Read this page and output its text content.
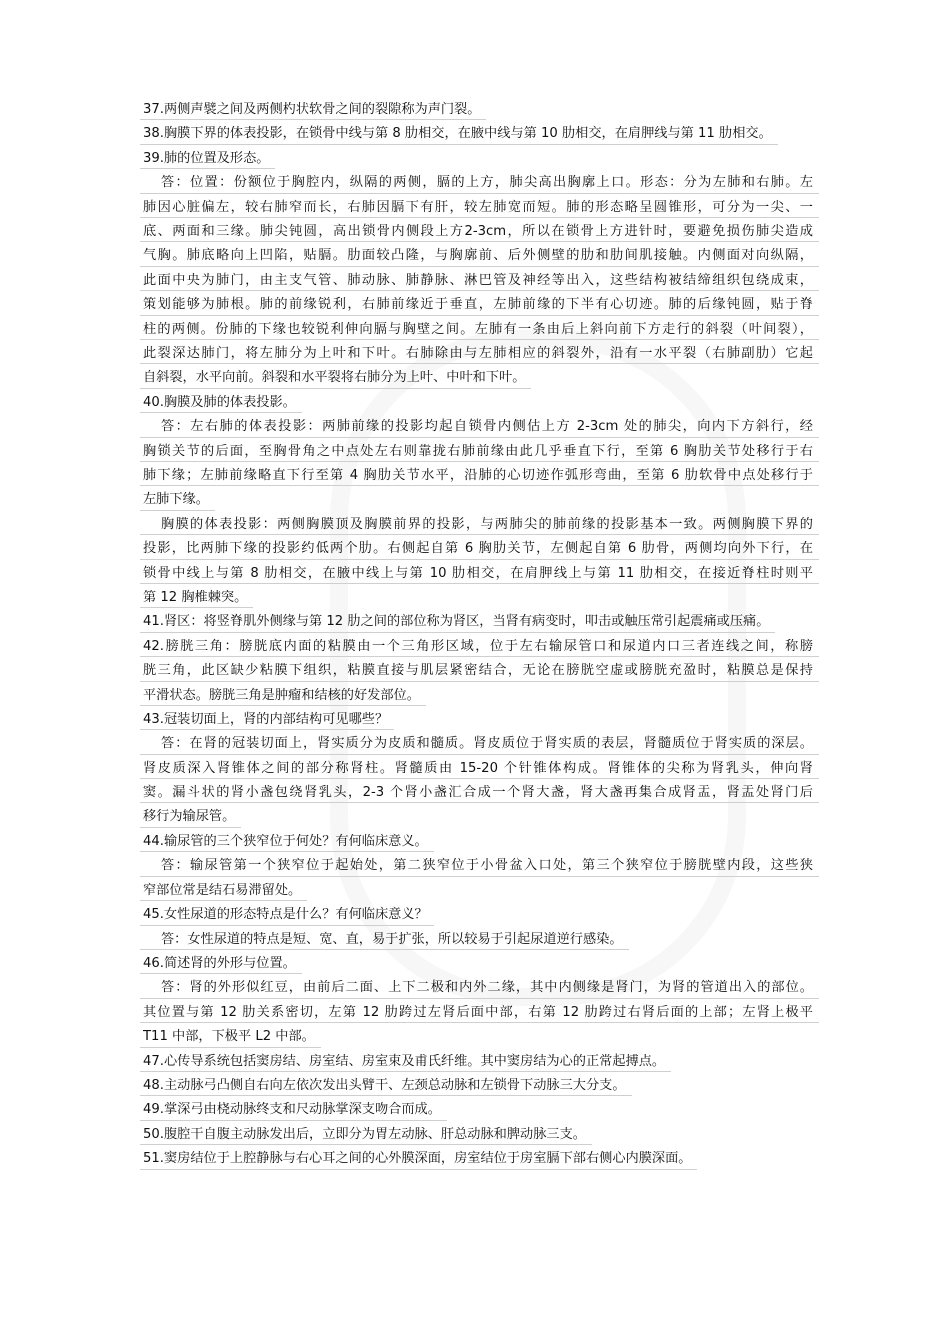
37.两侧声襞之间及两侧杓状软骨之间的裂隙称为声门裂。
38.胸膜下界的体表投影，在锁骨中线与第 8 肋相交，在腋中线与第 10 肋相交，在肩胛线与第 11 肋相交。
39.肺的位置及形态。
答：位置：份额位于胸腔内，纵隔的两侧，膈的上方，肺尖高出胸廓上口。形态：分为左肺和右肺。左
肺因心脏偏左，较右肺窄而长，右肺因膈下有肝，较左肺宽而短。肺的形态略呈圆锥形，可分为一尖、一
底、两面和三缘。肺尖钝圆，高出锁骨内侧段上方2-3cm，所以在锁骨上方进针时，要避免损伤肺尖造成
气胸。肺底略向上凹陷，贴膈。肋面较凸隆，与胸廓前、后外侧壁的肋和肋间肌接触。内侧面对向纵隔，
此面中央为肺门，由主支气管、肺动脉、肺静脉、淋巴管及神经等出入，这些结构被结缔组织包绕成束，
策划能够为肺根。肺的前缘锐利，右肺前缘近于垂直，左肺前缘的下半有心切迹。肺的后缘钝圆，贴于脊
柱的两侧。份肺的下缘也较锐利伸向膈与胸壁之间。左肺有一条由后上斜向前下方走行的斜裂（叶间裂），
此裂深达肺门，将左肺分为上叶和下叶。右肺除由与左肺相应的斜裂外，沿有一水平裂（右肺副肋）它起
自斜裂，水平向前。斜裂和水平裂将右肺分为上叶、中叶和下叶。
40.胸膜及肺的体表投影。
答：左右肺的体表投影：两肺前缘的投影均起自锁骨内侧估上方 2-3cm 处的肺尖，向内下方斜行，经
胸锁关节的后面，至胸骨角之中点处左右则靠拢右肺前缘由此几乎垂直下行，至第 6 胸肋关节处移行于右
肺下缘；左肺前缘略直下行至第 4 胸肋关节水平，沿肺的心切迹作弧形弯曲，至第 6 肋软骨中点处移行于
左肺下缘。
胸膜的体表投影：两侧胸膜顶及胸膜前界的投影，与两肺尖的肺前缘的投影基本一致。两侧胸膜下界的
投影，比两肺下缘的投影约低两个肋。右侧起自第 6 胸肋关节，左侧起自第 6 肋骨，两侧均向外下行，在
锁骨中线上与第 8 肋相交，在腋中线上与第 10 肋相交，在肩胛线上与第 11 肋相交，在接近脊柱时则平
第 12 胸椎棘突。
41.肾区：将竖脊肌外侧缘与第 12 肋之间的部位称为肾区，当肾有病变时，叩击或触压常引起震痛或压痛。
42.膀胱三角：膀胱底内面的粘膜由一个三角形区域，位于左右输尿管口和尿道内口三者连线之间，称膀
胱三角，此区缺少粘膜下组织，粘膜直接与肌层紧密结合，无论在膀胱空虚或膀胱充盈时，粘膜总是保持
平滑状态。膀胱三角是肿瘤和结核的好发部位。
43.冠装切面上，肾的内部结构可见哪些？
答：在肾的冠装切面上，肾实质分为皮质和髓质。肾皮质位于肾实质的表层，肾髓质位于肾实质的深层。
肾皮质深入肾锥体之间的部分称肾柱。肾髓质由 15-20 个针锥体构成。肾锥体的尖称为肾乳头，伸向肾
窦。漏斗状的肾小盏包绕肾乳头，2-3 个肾小盏汇合成一个肾大盏，肾大盏再集合成肾盂，肾盂处肾门后
移行为输尿管。
44.输尿管的三个狭窄位于何处？有何临床意义。
答：输尿管第一个狭窄位于起始处，第二狭窄位于小骨盆入口处，第三个狭窄位于膀胱壁内段，这些狭
窄部位常是结石易滞留处。
45.女性尿道的形态特点是什么？有何临床意义？
答：女性尿道的特点是短、宽、直，易于扩张，所以较易于引起尿道逆行感染。
46.简述肾的外形与位置。
答：肾的外形似红豆，由前后二面、上下二极和内外二缘，其中内侧缘是肾门，为肾的管道出入的部位。
其位置与第 12 肋关系密切，左第 12 肋跨过左肾后面中部，右第 12 肋跨过右肾后面的上部；左肾上极平
T11 中部，下极平 L2 中部。
47.心传导系统包括窦房结、房室结、房室束及甫氏纤维。其中窦房结为心的正常起搏点。
48.主动脉弓凸侧自右向左依次发出头臂干、左颈总动脉和左锁骨下动脉三大分支。
49.掌深弓由桡动脉终支和尺动脉掌深支吻合而成。
50.腹腔干自腹主动脉发出后，立即分为胃左动脉、肝总动脉和脾动脉三支。
51.窦房结位于上腔静脉与右心耳之间的心外膜深面，房室结位于房室膈下部右侧心内膜深面。
